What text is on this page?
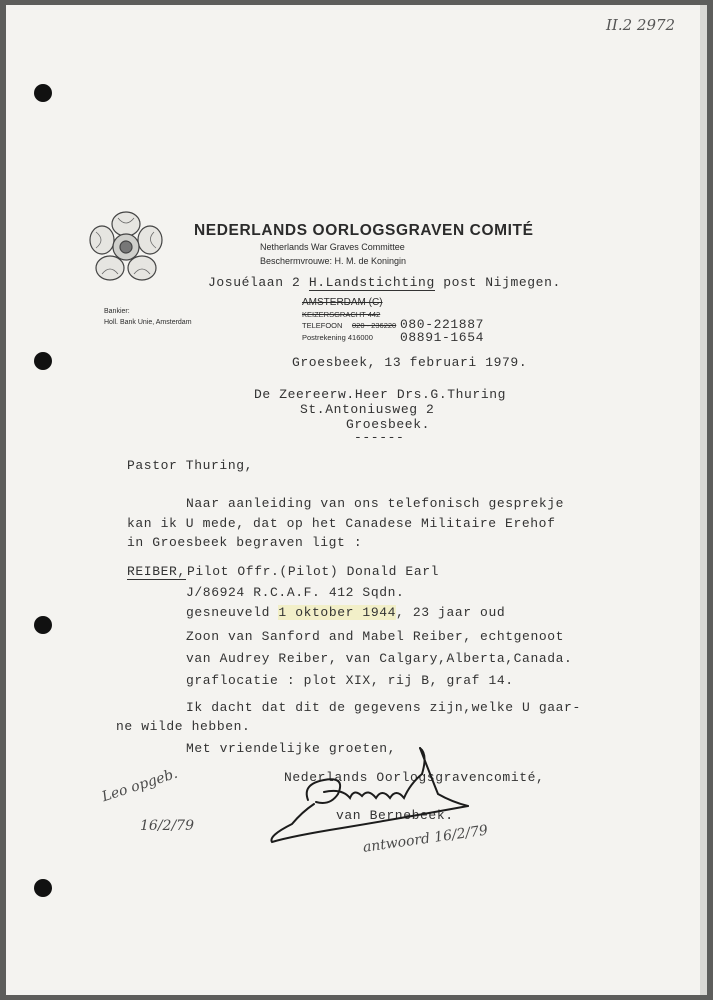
II.2 2972
NEDERLANDS OORLOGSGRAVEN COMITÉ
Netherlands War Graves Committee
Beschermvrouwe: H. M. de Koningin
Josuélaan 2 H.Landstichting post Nijmegen.
Bankier:
Holl. Bank Unie, Amsterdam
AMSTERDAM (C)
KEIZERSGRACHT 442
TELEFOON 020 - 236220 080-221887
Postrekening 416000 08891-1654
Groesbeek, 13 februari 1979.
De Zeereerw.Heer Drs.G.Thuring
St.Antoniusweg 2
Groesbeek.
------
Pastor Thuring,
Naar aanleiding van ons telefonisch gesprekje
kan ik U mede, dat op het Canadese Militaire Erehof
in Groesbeek begraven ligt :
REIBER, Pilot Offr.(Pilot) Donald Earl
J/86924 R.C.A.F. 412 Sqdn.
gesneuveld 1 oktober 1944, 23 jaar oud
Zoon van Sanford and Mabel Reiber, echtgenoot
van Audrey Reiber, van Calgary,Alberta,Canada.
graflocatie : plot XIX, rij B, graf 14.
Ik dacht dat dit de gegevens zijn,welke U gaar-
ne wilde hebben.
Met vriendelijke groeten,
Nederlands Oorlogsgravencomité,
van Bernebeek.
Leo opgeb.
16/2/79	antwoord 16/2/79
